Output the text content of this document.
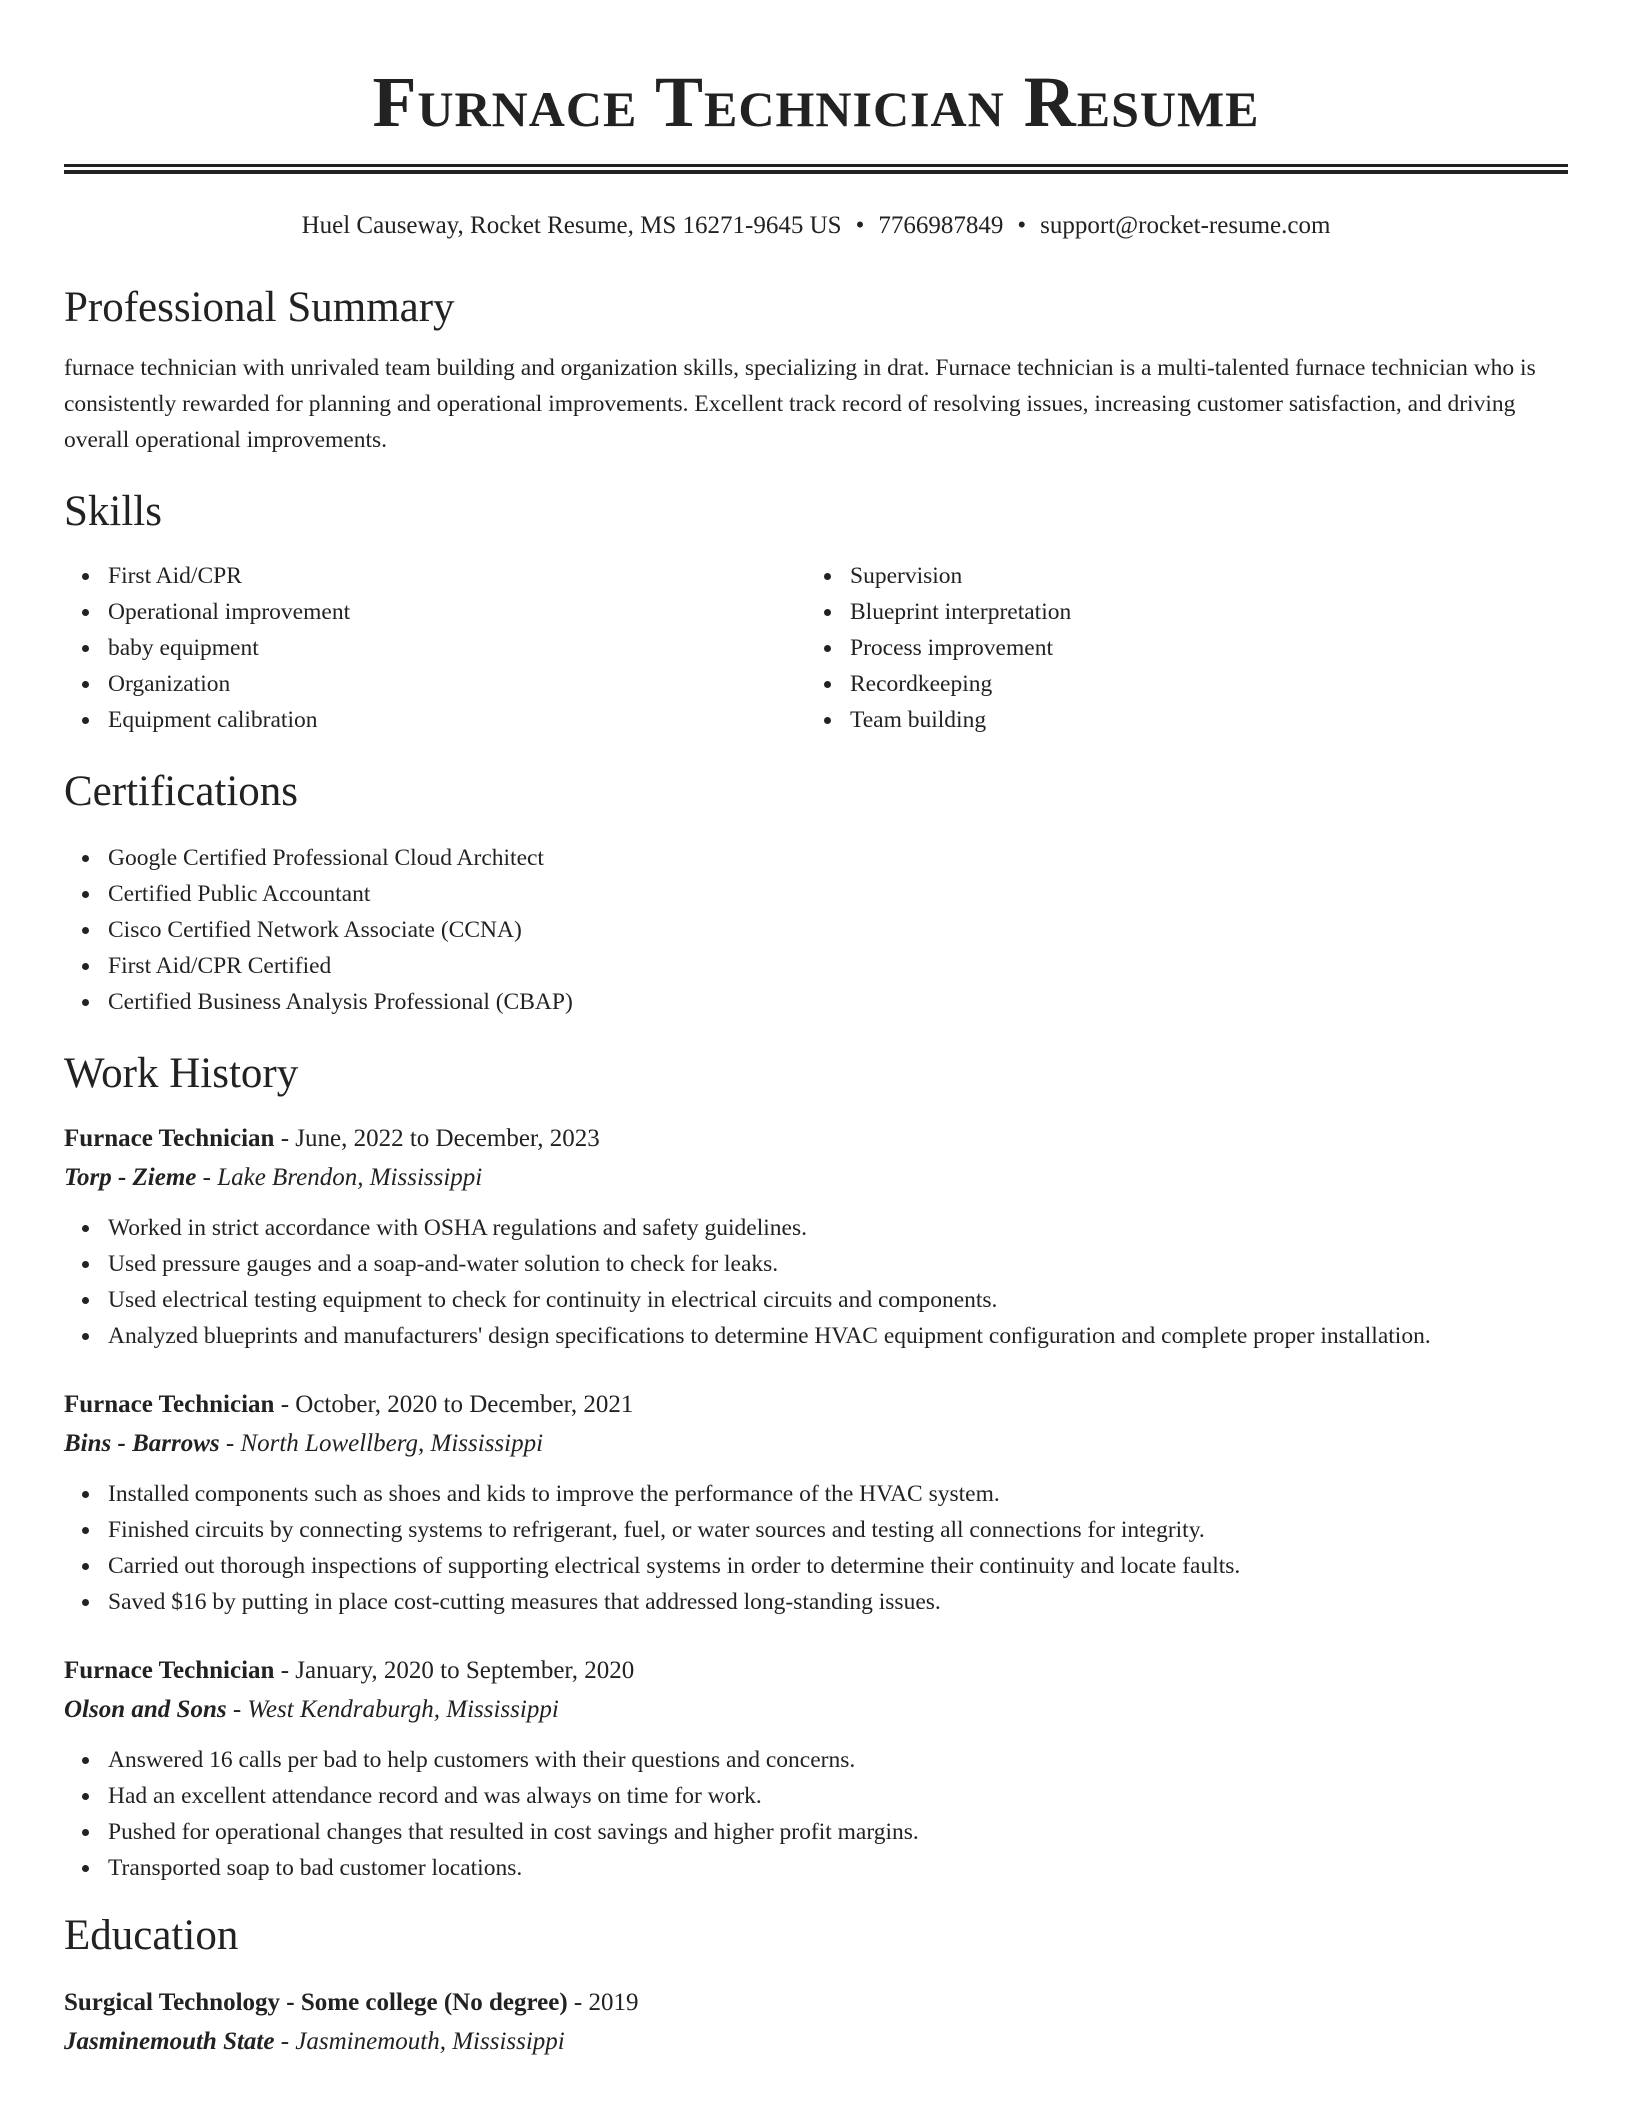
Furnace Technician Resume
Huel Causeway, Rocket Resume, MS 16271-9645 US • 7766987849 • support@rocket-resume.com
Professional Summary

furnace technician with unrivaled team building and organization skills, specializing in drat. Furnace technician is a multi-talented furnace technician who is consistently rewarded for planning and operational improvements. Excellent track record of resolving issues, increasing customer satisfaction, and driving overall operational improvements.

Skills
First Aid/CPR
Operational improvement
baby equipment
Organization
Equipment calibration
Supervision
Blueprint interpretation
Process improvement
Recordkeeping
Team building
Certifications
Google Certified Professional Cloud Architect
Certified Public Accountant
Cisco Certified Network Associate (CCNA)
First Aid/CPR Certified
Certified Business Analysis Professional (CBAP)
Work History
Furnace Technician - June, 2022 to December, 2023
Torp - Zieme - Lake Brendon, Mississippi
Worked in strict accordance with OSHA regulations and safety guidelines.
Used pressure gauges and a soap-and-water solution to check for leaks.
Used electrical testing equipment to check for continuity in electrical circuits and components.
Analyzed blueprints and manufacturers' design specifications to determine HVAC equipment configuration and complete proper installation.
Furnace Technician - October, 2020 to December, 2021
Bins - Barrows - North Lowellberg, Mississippi
Installed components such as shoes and kids to improve the performance of the HVAC system.
Finished circuits by connecting systems to refrigerant, fuel, or water sources and testing all connections for integrity.
Carried out thorough inspections of supporting electrical systems in order to determine their continuity and locate faults.
Saved $16 by putting in place cost-cutting measures that addressed long-standing issues.
Furnace Technician - January, 2020 to September, 2020
Olson and Sons - West Kendraburgh, Mississippi
Answered 16 calls per bad to help customers with their questions and concerns.
Had an excellent attendance record and was always on time for work.
Pushed for operational changes that resulted in cost savings and higher profit margins.
Transported soap to bad customer locations.
Education
Surgical Technology - Some college (No degree) - 2019
Jasminemouth State - Jasminemouth, Mississippi
